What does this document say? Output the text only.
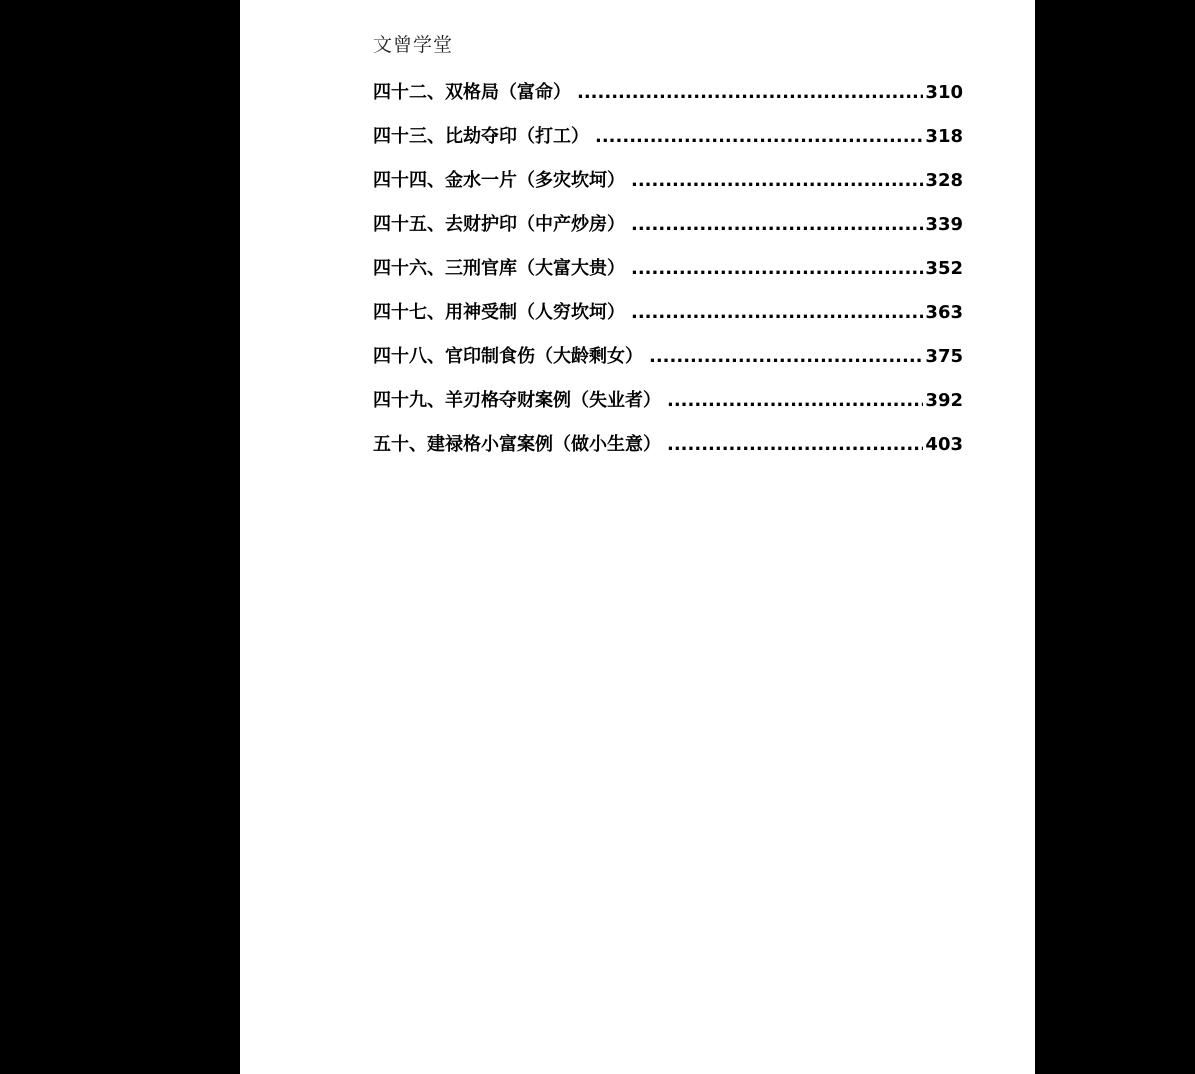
文曾学堂
四十二、双格局（富命） .....	310
四十三、比劫夺印（打工） .....	318
四十四、金水一片（多灾坎坷） .....	328
四十五、去财护印（中产炒房） .....	339
四十六、三刑官库（大富大贵） .....	352
四十七、用神受制（人穷坎坷） .....	363
四十八、官印制食伤（大龄剩女） .....	375
四十九、羊刃格夺财案例（失业者） .....	392
五十、建禄格小富案例（做小生意） .....	403
